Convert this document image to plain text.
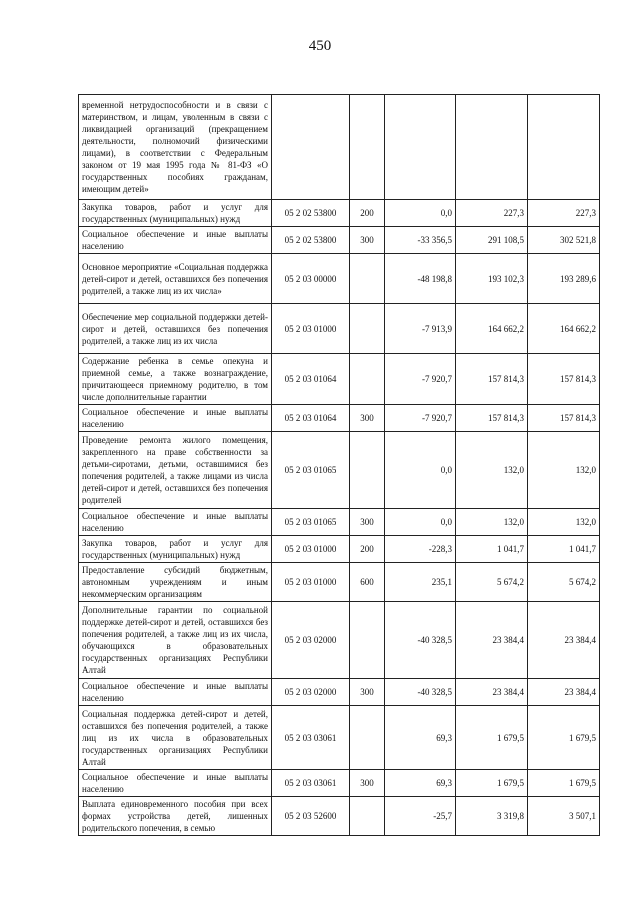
450
временной нетрудоспособности и в связи с материнством, и лицам, уволенным в связи с ликвидацией организаций (прекращением деятельности, полномочий физическими лицами), в соответствии с Федеральным законом от 19 мая 1995 года № 81-ФЗ «О государственных пособиях гражданам, имеющим детей»					
Закупка товаров, работ и услуг для государственных (муниципальных) нужд	05 2 02 53800	200	0,0	227,3	227,3
Социальное обеспечение и иные выплаты населению	05 2 02 53800	300	-33 356,5	291 108,5	302 521,8
Основное мероприятие «Социальная поддержка детей-сирот и детей, оставшихся без попечения родителей, а также лиц из их числа»	05 2 03 00000		-48 198,8	193 102,3	193 289,6
Обеспечение мер социальной поддержки детей-сирот и детей, оставшихся без попечения родителей, а также лиц из их числа	05 2 03 01000		-7 913,9	164 662,2	164 662,2
Содержание ребенка в семье опекуна и приемной семье, а также вознаграждение, причитающееся приемному родителю, в том числе дополнительные гарантии	05 2 03 01064		-7 920,7	157 814,3	157 814,3
Социальное обеспечение и иные выплаты населению	05 2 03 01064	300	-7 920,7	157 814,3	157 814,3
Проведение ремонта жилого помещения, закрепленного на праве собственности за детьми-сиротами, детьми, оставшимися без попечения родителей, а также лицами из числа детей-сирот и детей, оставшихся без попечения родителей	05 2 03 01065		0,0	132,0	132,0
Социальное обеспечение и иные выплаты населению	05 2 03 01065	300	0,0	132,0	132,0
Закупка товаров, работ и услуг для государственных (муниципальных) нужд	05 2 03 01000	200	-228,3	1 041,7	1 041,7
Предоставление субсидий бюджетным, автономным учреждениям и иным некоммерческим организациям	05 2 03 01000	600	235,1	5 674,2	5 674,2
Дополнительные гарантии по социальной поддержке детей-сирот и детей, оставшихся без попечения родителей, а также лиц из их числа, обучающихся в образовательных государственных организациях Республики Алтай	05 2 03 02000		-40 328,5	23 384,4	23 384,4
Социальное обеспечение и иные выплаты населению	05 2 03 02000	300	-40 328,5	23 384,4	23 384,4
Социальная поддержка детей-сирот и детей, оставшихся без попечения родителей, а также лиц из их числа в образовательных государственных организациях Республики Алтай	05 2 03 03061		69,3	1 679,5	1 679,5
Социальное обеспечение и иные выплаты населению	05 2 03 03061	300	69,3	1 679,5	1 679,5
Выплата единовременного пособия при всех формах устройства детей, лишенных родительского попечения, в семью	05 2 03 52600		-25,7	3 319,8	3 507,1
